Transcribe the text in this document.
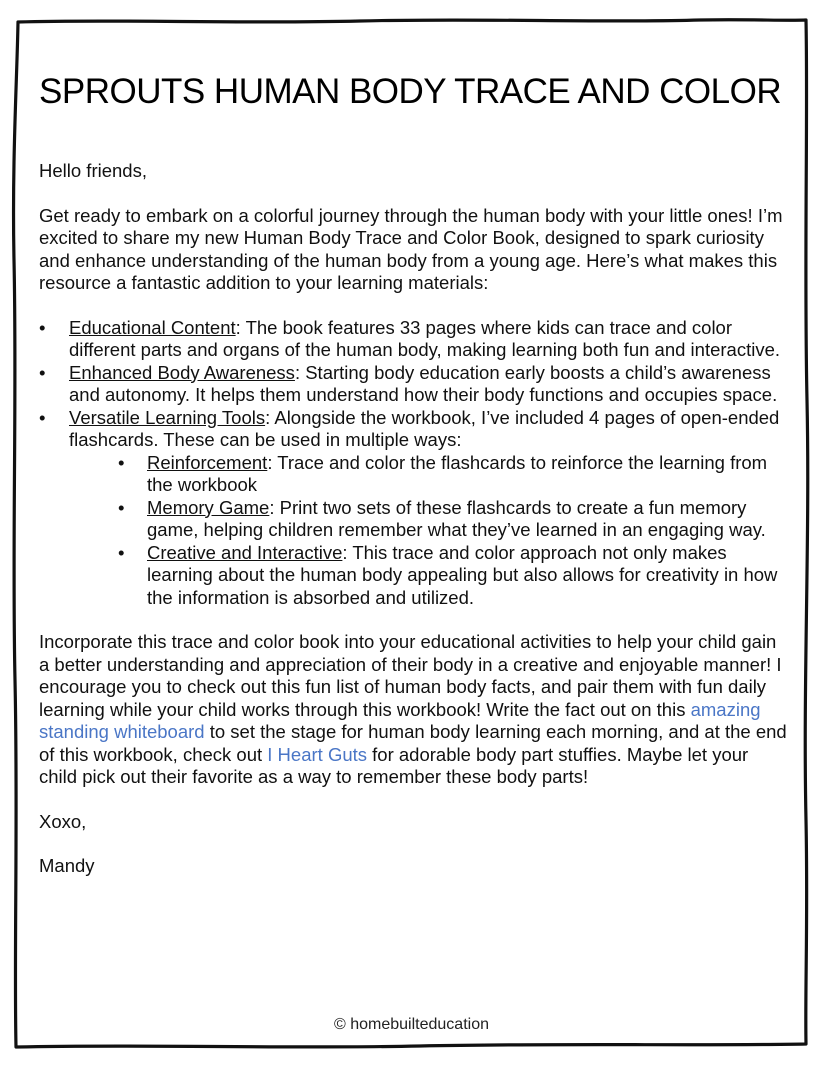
SPROUTS HUMAN BODY TRACE AND COLOR

Hello friends,

Get ready to embark on a colorful journey through the human body with your little ones! I’m excited to share my new Human Body Trace and Color Book, designed to spark curiosity and enhance understanding of the human body from a young age. Here’s what makes this resource a fantastic addition to your learning materials:

• Educational Content: The book features 33 pages where kids can trace and color different parts and organs of the human body, making learning both fun and interactive.
• Enhanced Body Awareness: Starting body education early boosts a child’s awareness and autonomy. It helps them understand how their body functions and occupies space.
• Versatile Learning Tools: Alongside the workbook, I’ve included 4 pages of open-ended flashcards. These can be used in multiple ways:
• Reinforcement: Trace and color the flashcards to reinforce the learning from the workbook
• Memory Game: Print two sets of these flashcards to create a fun memory game, helping children remember what they’ve learned in an engaging way.
• Creative and Interactive: This trace and color approach not only makes learning about the human body appealing but also allows for creativity in how the information is absorbed and utilized.

Incorporate this trace and color book into your educational activities to help your child gain a better understanding and appreciation of their body in a creative and enjoyable manner! I encourage you to check out this fun list of human body facts, and pair them with fun daily learning while your child works through this workbook! Write the fact out on this amazing standing whiteboard to set the stage for human body learning each morning, and at the end of this workbook, check out I Heart Guts for adorable body part stuffies. Maybe let your child pick out their favorite as a way to remember these body parts!

Xoxo,

Mandy

© homebuilteducation
